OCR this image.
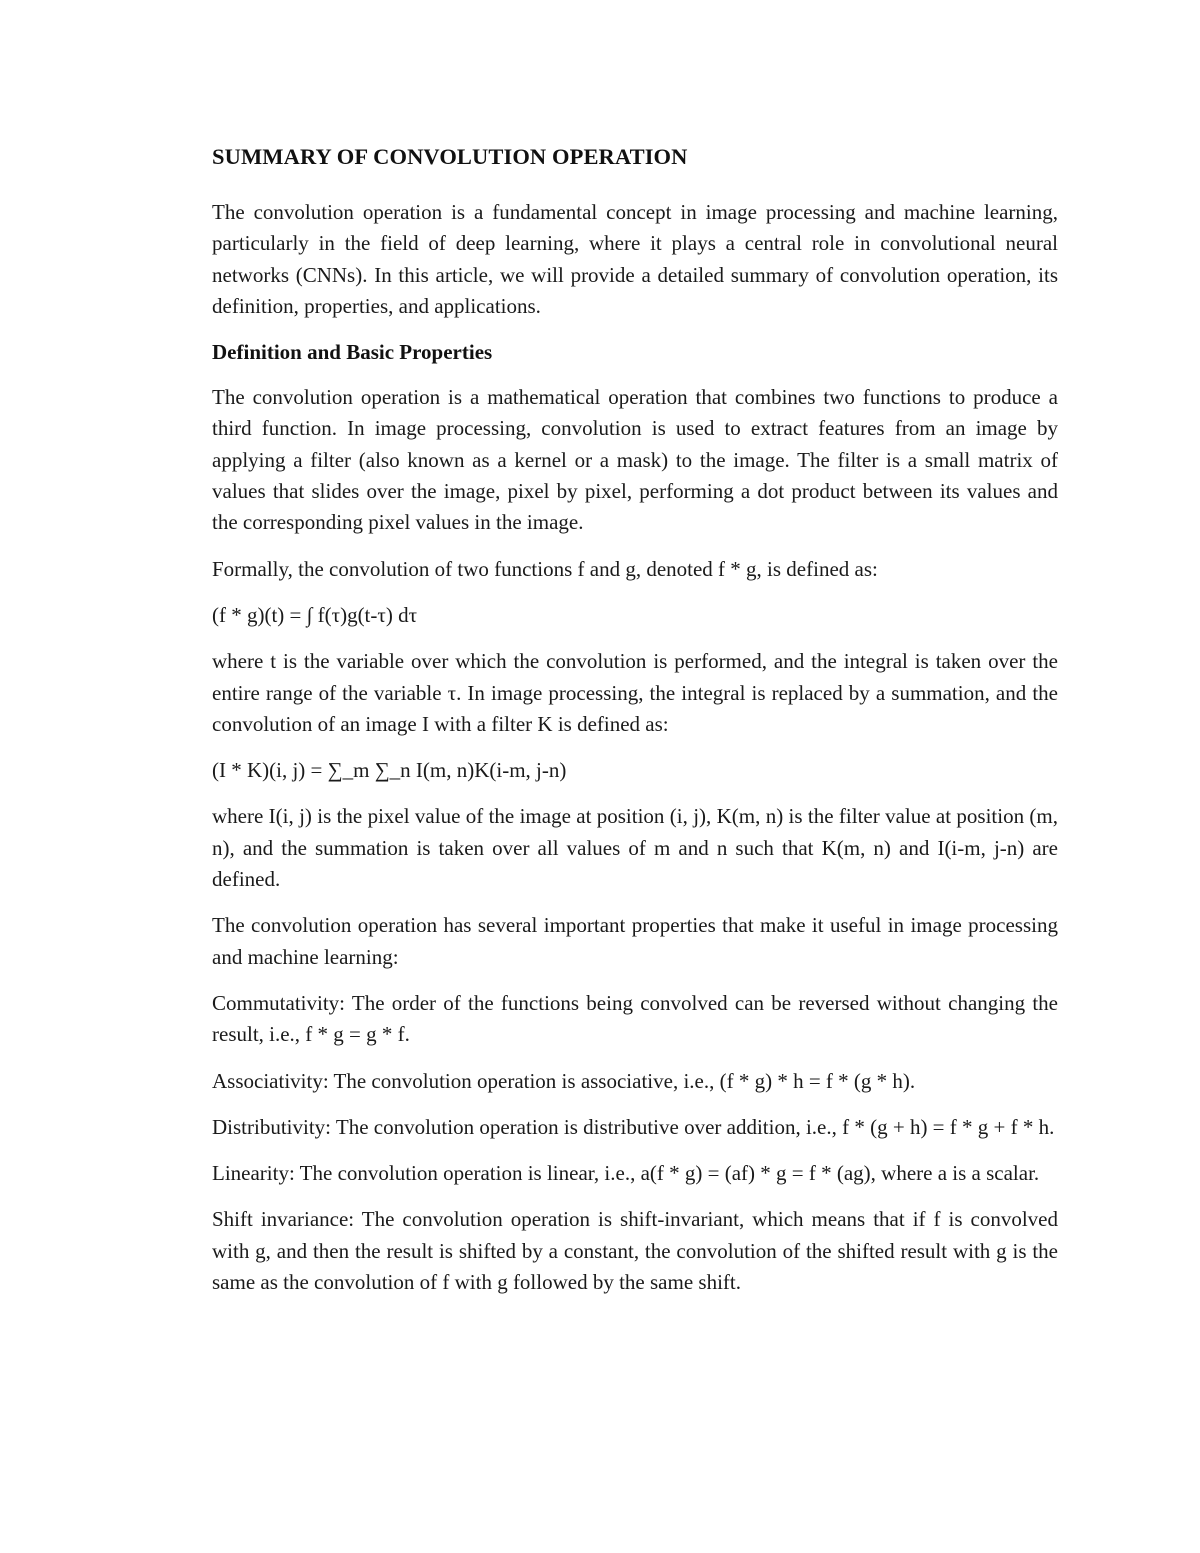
SUMMARY OF CONVOLUTION OPERATION

The convolution operation is a fundamental concept in image processing and machine learning, particularly in the field of deep learning, where it plays a central role in convolutional neural networks (CNNs). In this article, we will provide a detailed summary of convolution operation, its definition, properties, and applications.

Definition and Basic Properties

The convolution operation is a mathematical operation that combines two functions to produce a third function. In image processing, convolution is used to extract features from an image by applying a filter (also known as a kernel or a mask) to the image. The filter is a small matrix of values that slides over the image, pixel by pixel, performing a dot product between its values and the corresponding pixel values in the image.

Formally, the convolution of two functions f and g, denoted f * g, is defined as:

(f * g)(t) = ∫ f(τ)g(t-τ) dτ

where t is the variable over which the convolution is performed, and the integral is taken over the entire range of the variable τ. In image processing, the integral is replaced by a summation, and the convolution of an image I with a filter K is defined as:

(I * K)(i, j) = ∑_m ∑_n I(m, n)K(i-m, j-n)

where I(i, j) is the pixel value of the image at position (i, j), K(m, n) is the filter value at position (m, n), and the summation is taken over all values of m and n such that K(m, n) and I(i-m, j-n) are defined.

The convolution operation has several important properties that make it useful in image processing and machine learning:

Commutativity: The order of the functions being convolved can be reversed without changing the result, i.e., f * g = g * f.

Associativity: The convolution operation is associative, i.e., (f * g) * h = f * (g * h).

Distributivity: The convolution operation is distributive over addition, i.e., f * (g + h) = f * g + f * h.

Linearity: The convolution operation is linear, i.e., a(f * g) = (af) * g = f * (ag), where a is a scalar.

Shift invariance: The convolution operation is shift-invariant, which means that if f is convolved with g, and then the result is shifted by a constant, the convolution of the shifted result with g is the same as the convolution of f with g followed by the same shift.
